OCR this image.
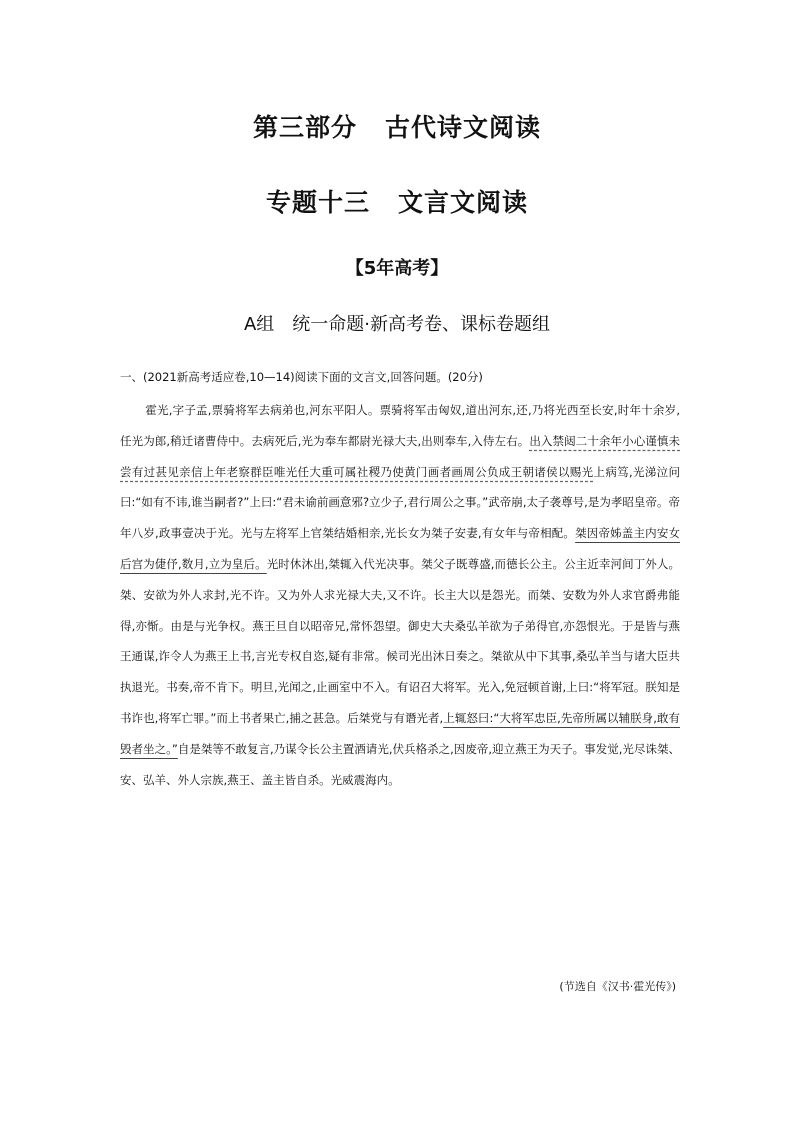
第三部分 古代诗文阅读
专题十三 文言文阅读
【5年高考】
A组 统一命题·新高考卷、课标卷题组
一、(2021新高考适应卷,10—14)阅读下面的文言文,回答问题。(20分)
霍光,字子孟,票骑将军去病弟也,河东平阳人。票骑将军击匈奴,道出河东,还,乃将光西至长安,时年十余岁,任光为郎,稍迁诸曹侍中。去病死后,光为奉车都尉光禄大夫,出则奉车,入侍左右。出入禁闼二十余年小心谨慎未尝有过甚见亲信上年老察群臣唯光任大重可属社稷乃使黄门画者画周公负成王朝诸侯以赐光上病笃,光涕泣问曰:“如有不讳,谁当嗣者?”上曰:“君未谕前画意邪?立少子,君行周公之事。”武帝崩,太子袭尊号,是为孝昭皇帝。帝年八岁,政事壹决于光。光与左将军上官桀结婚相亲,光长女为桀子安妻,有女年与帝相配。桀因帝姊盖主内安女后宫为倢伃,数月,立为皇后。光时休沐出,桀辄入代光决事。桀父子既尊盛,而德长公主。公主近幸河间丁外人。桀、安欲为外人求封,光不许。又为外人求光禄大夫,又不许。长主大以是怨光。而桀、安数为外人求官爵弗能得,亦惭。由是与光争权。燕王旦自以昭帝兄,常怀怨望。御史大夫桑弘羊欲为子弟得官,亦怨恨光。于是皆与燕王通谋,诈令人为燕王上书,言光专权自恣,疑有非常。候司光出沐日奏之。桀欲从中下其事,桑弘羊当与诸大臣共执退光。书奏,帝不肯下。明旦,光闻之,止画室中不入。有诏召大将军。光入,免冠顿首谢,上曰:“将军冠。朕知是书诈也,将军亡罪。”而上书者果亡,捕之甚急。后桀党与有谮光者,上辄怒曰:“大将军忠臣,先帝所属以辅朕身,敢有毁者坐之。”自是桀等不敢复言,乃谋令长公主置酒请光,伏兵格杀之,因废帝,迎立燕王为天子。事发觉,光尽诛桀、安、弘羊、外人宗族,燕王、盖主皆自杀。光威震海内。
(节选自《汉书·霍光传》)
